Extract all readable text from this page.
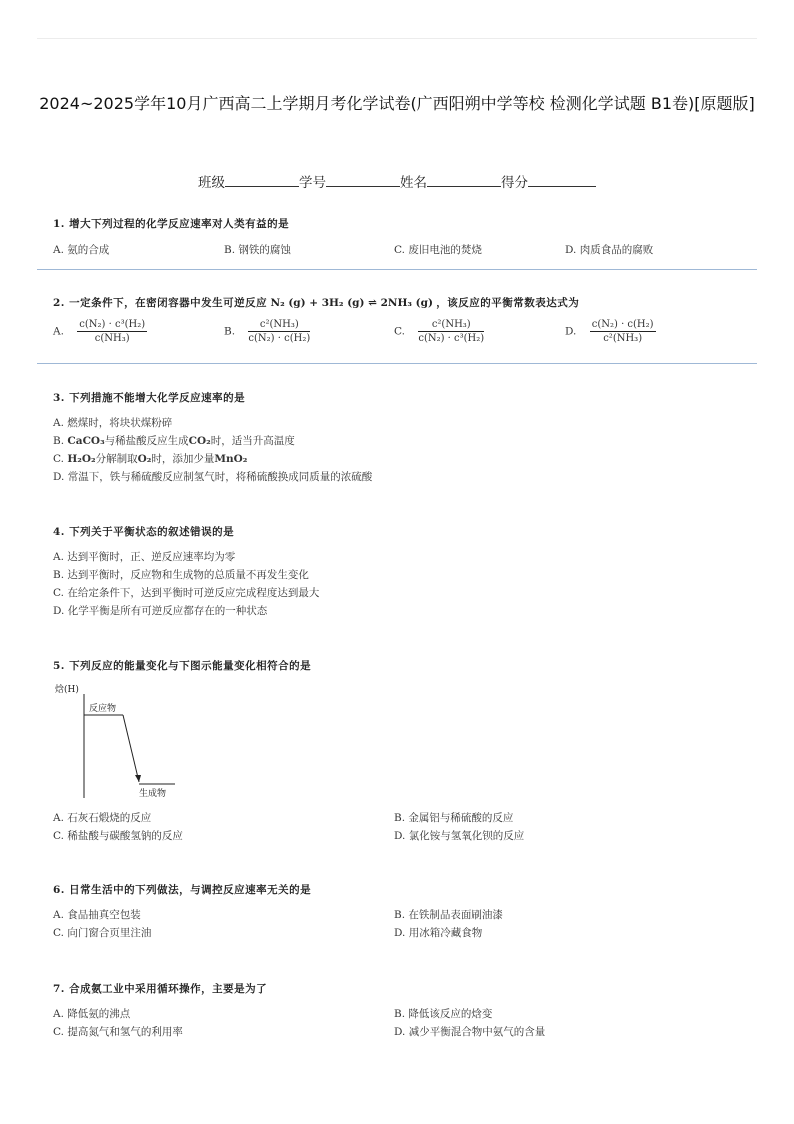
2024~2025学年10月广西高二上学期月考化学试卷(广西阳朔中学等校 检测化学试题 B1卷)[原题版]
班级	学号	姓名	得分
1. 增大下列过程的化学反应速率对人类有益的是
A. 氨的合成	B. 钢铁的腐蚀	C. 废旧电池的焚烧	D. 肉质食品的腐败
2. 一定条件下，在密闭容器中发生可逆反应 N₂ (g) + 3H₂ (g) ⇌ 2NH₃ (g) ，该反应的平衡常数表达式为
A. $\frac{\text{c(N₂) · c³(H₂)}}{\text{c(NH₃)}}$	B. $\frac{\text{c²(NH₃)}}{\text{c(N₂) · c(H₂)}}$	C. $\frac{\text{c²(NH₃)}}{\text{c(N₂) · c³(H₂)}}$	D. $\frac{\text{c(N₂) · c(H₂)}}{\text{c²(NH₃)}}$
3. 下列措施不能增大化学反应速率的是
A. 燃煤时，将块状煤粉碎
B. CaCO₃与稀盐酸反应生成CO₂时，适当升高温度
C. H₂O₂分解制取O₂时，添加少量MnO₂
D. 常温下，铁与稀硫酸反应制氢气时，将稀硫酸换成同质量的浓硫酸
4. 下列关于平衡状态的叙述错误的是
A. 达到平衡时，正、逆反应速率均为零
B. 达到平衡时，反应物和生成物的总质量不再发生变化
C. 在给定条件下，达到平衡时可逆反应完成程度达到最大
D. 化学平衡是所有可逆反应都存在的一种状态
5. 下列反应的能量变化与下图示能量变化相符合的是
焓(H)
反应物
生成物
A. 石灰石煅烧的反应	B. 金属铝与稀硫酸的反应
C. 稀盐酸与碳酸氢钠的反应	D. 氯化铵与氢氧化钡的反应
6. 日常生活中的下列做法，与调控反应速率无关的是
A. 食品抽真空包装	B. 在铁制品表面刷油漆
C. 向门窗合页里注油	D. 用冰箱冷藏食物
7. 合成氨工业中采用循环操作，主要是为了
A. 降低氨的沸点	B. 降低该反应的焓变
C. 提高氮气和氢气的利用率	D. 减少平衡混合物中氨气的含量
